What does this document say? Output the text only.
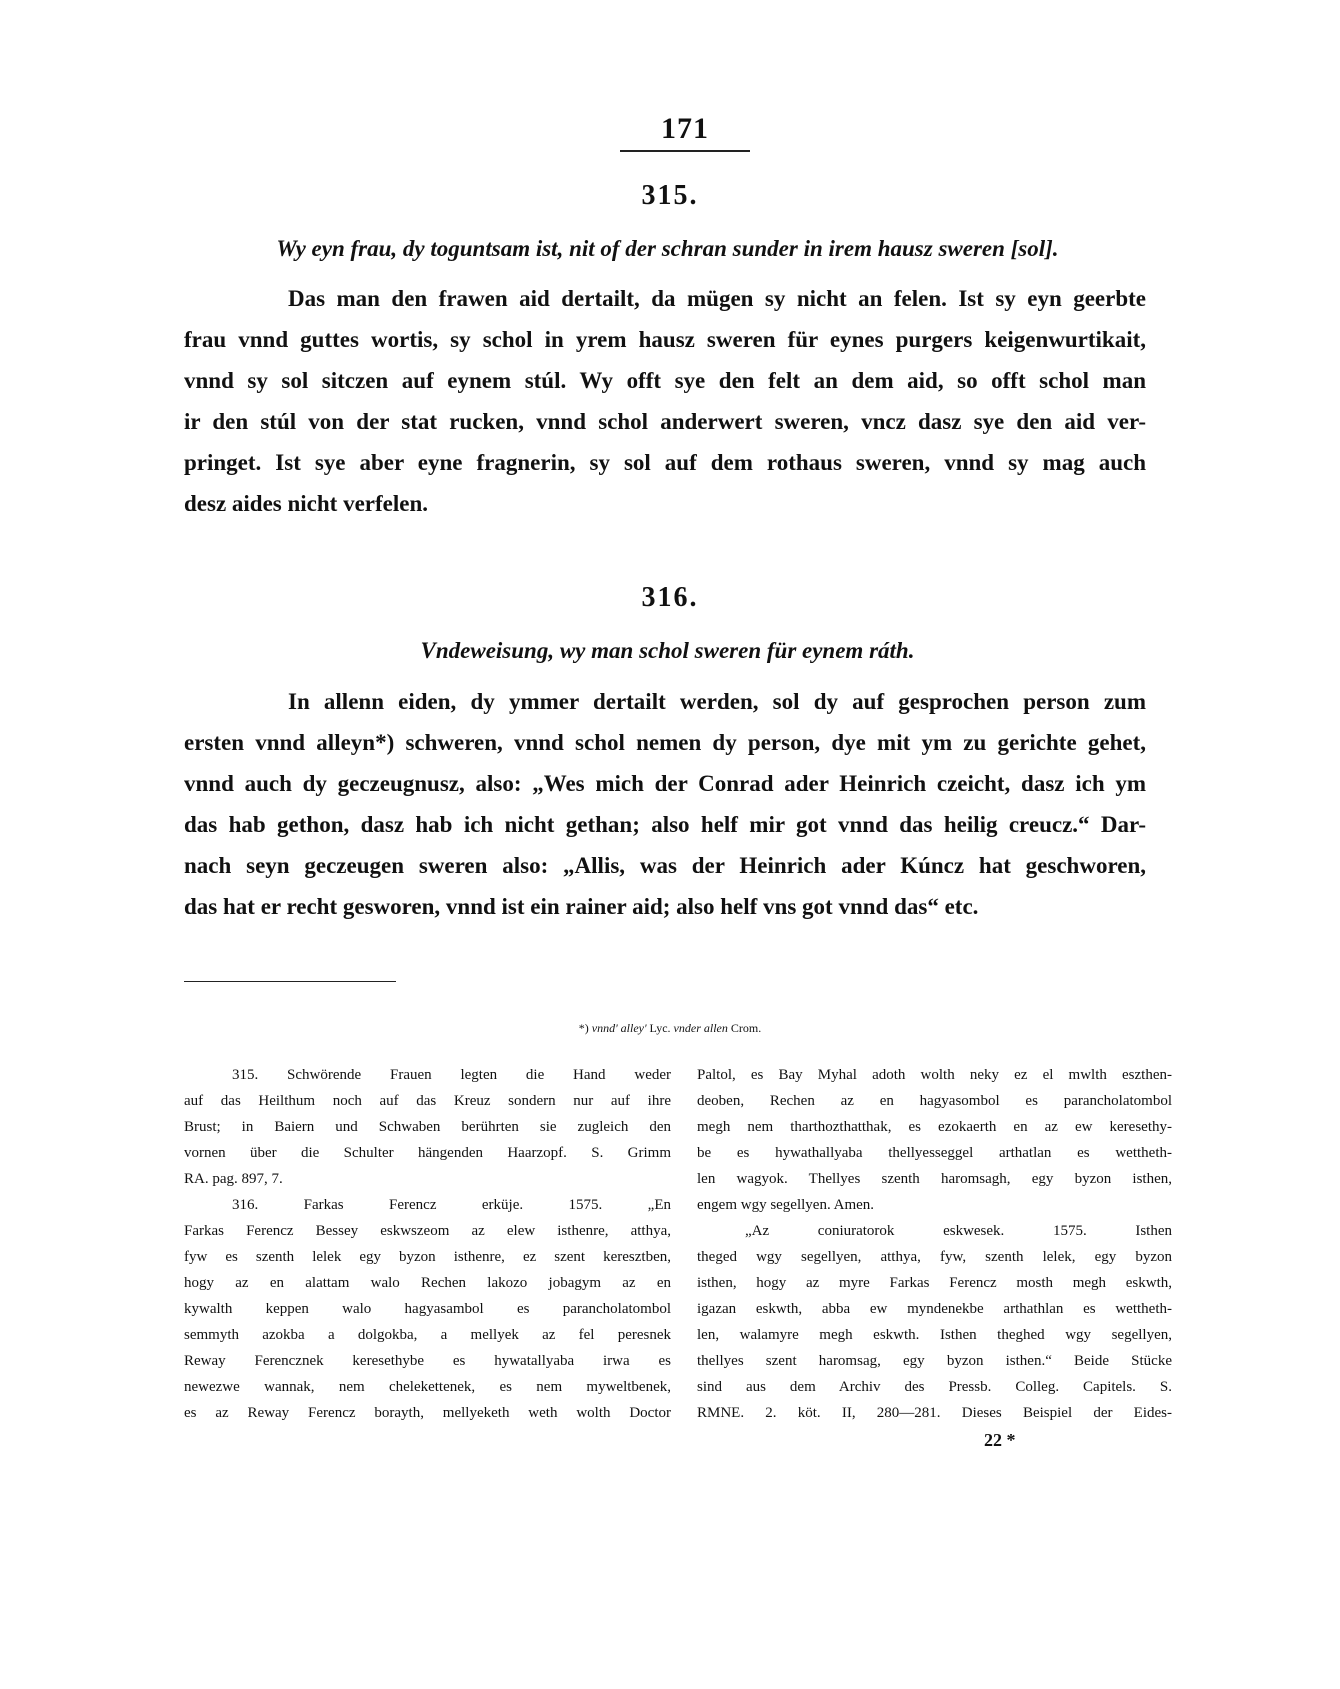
171
315.
Wy eyn frau, dy toguntsam ist, nit of der schran sunder in irem hausz sweren [sol].
Das man den frawen aid dertailt, da mügen sy nicht an felen. Ist sy eyn geerbte
frau vnnd guttes wortis, sy schol in yrem hausz sweren für eynes purgers keigenwurtikait,
vnnd sy sol sitczen auf eynem stúl. Wy offt sye den felt an dem aid, so offt schol man
ir den stúl von der stat rucken, vnnd schol anderwert sweren, vncz dasz sye den aid ver-
pringet. Ist sye aber eyne fragnerin, sy sol auf dem rothaus sweren, vnnd sy mag auch
desz aides nicht verfelen.
316.
Vndeweisung, wy man schol sweren für eynem ráth.
In allenn eiden, dy ymmer dertailt werden, sol dy auf gesprochen person zum
ersten vnnd alleyn*) schweren, vnnd schol nemen dy person, dye mit ym zu gerichte gehet,
vnnd auch dy geczeugnusz, also: „Wes mich der Conrad ader Heinrich czeicht, dasz ich ym
das hab gethon, dasz hab ich nicht gethan; also helf mir got vnnd das heilig creucz.“ Dar-
nach seyn geczeugen sweren also: „Allis, was der Heinrich ader Kúncz hat geschworen,
das hat er recht gesworen, vnnd ist ein rainer aid; also helf vns got vnnd das“ etc.
*) vnnd' alley' Lyc. vnder allen Crom.
315. Schwörende Frauen legten die Hand weder
auf das Heilthum noch auf das Kreuz sondern nur auf ihre
Brust; in Baiern und Schwaben berührten sie zugleich den
vornen über die Schulter hängenden Haarzopf. S. Grimm
RA. pag. 897, 7.
316. Farkas Ferencz erküje. 1575. „En
Farkas Ferencz Bessey eskwszeom az elew isthenre, atthya,
fyw es szenth lelek egy byzon isthenre, ez szent keresztben,
hogy az en alattam walo Rechen lakozo jobagym az en
kywalth keppen walo hagyasambol es parancholatombol
semmyth azokba a dolgokba, a mellyek az fel peresnek
Reway Ferencznek keresethybe es hywatallyaba irwa es
newezwe wannak, nem chelekettenek, es nem myweltbenek,
es az Reway Ferencz borayth, mellyeketh weth wolth Doctor
Paltol, es Bay Myhal adoth wolth neky ez el mwlth eszthen-
deoben, Rechen az en hagyasombol es parancholatombol
megh nem tharthozthatthak, es ezokaerth en az ew keresethy-
be es hywathallyaba thellyesseggel arthatlan es wettheth-
len wagyok. Thellyes szenth haromsagh, egy byzon isthen,
engem wgy segellyen. Amen.
„Az coniuratorok eskwesek. 1575. Isthen
theged wgy segellyen, atthya, fyw, szenth lelek, egy byzon
isthen, hogy az myre Farkas Ferencz mosth megh eskwth,
igazan eskwth, abba ew myndenekbe arthathlan es wettheth-
len, walamyre megh eskwth. Isthen theghed wgy segellyen,
thellyes szent haromsag, egy byzon isthen.“ Beide Stücke
sind aus dem Archiv des Pressb. Colleg. Capitels. S.
RMNE. 2. köt. II, 280—281. Dieses Beispiel der Eides-
22 *
